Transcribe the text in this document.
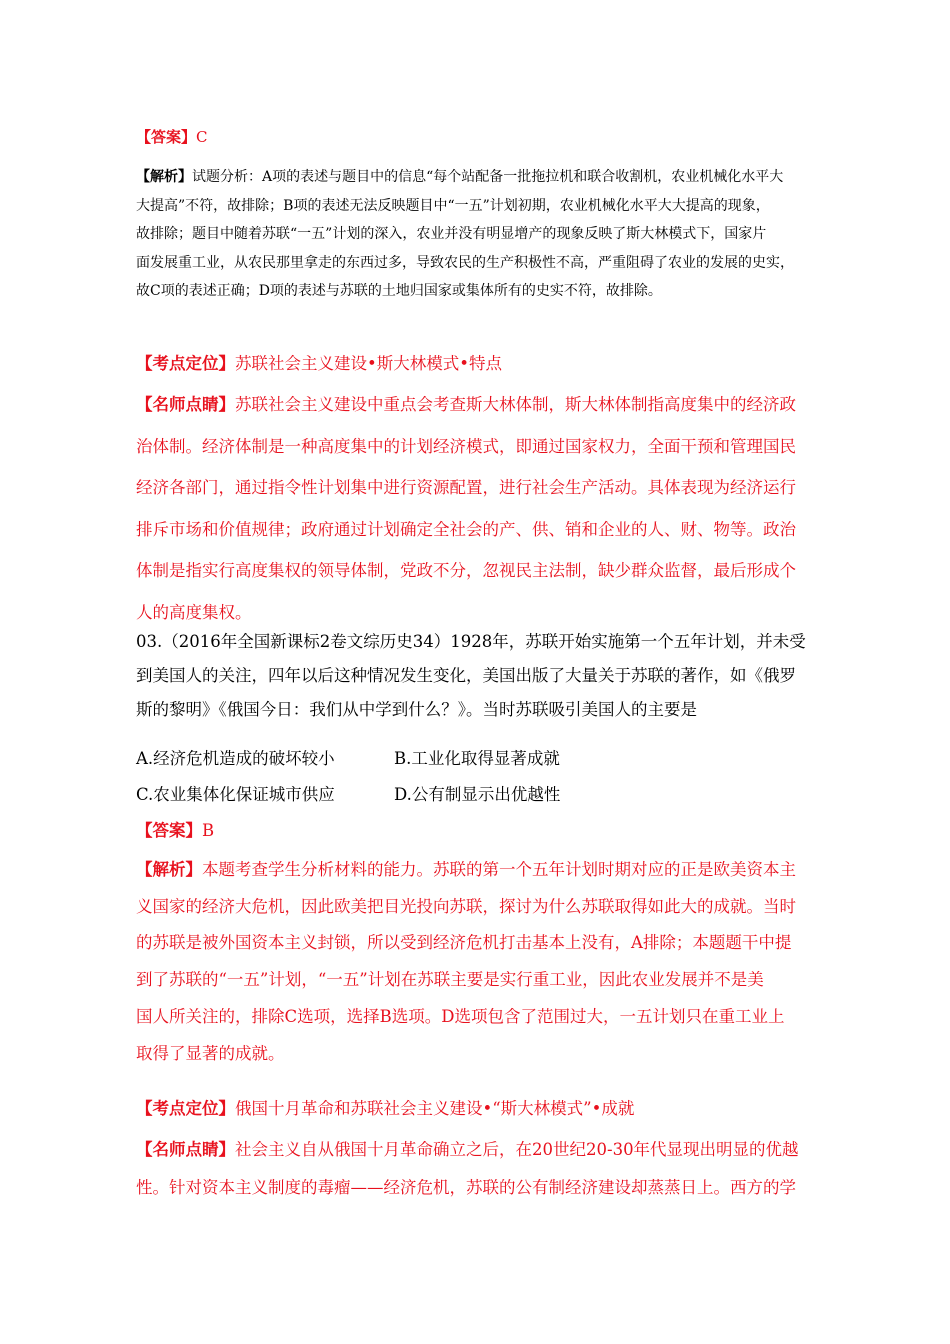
【答案】C

【解析】试题分析：A项的表述与题目中的信息“每个站配备一批拖拉机和联合收割机，农业机械化水平大
大提高”不符，故排除；B项的表述无法反映题目中“一五”计划初期，农业机械化水平大大提高的现象，
故排除；题目中随着苏联“一五”计划的深入，农业并没有明显增产的现象反映了斯大林模式下，国家片
面发展重工业，从农民那里拿走的东西过多，导致农民的生产积极性不高，严重阻碍了农业的发展的史实，
故C项的表述正确；D项的表述与苏联的土地归国家或集体所有的史实不符，故排除。

【考点定位】苏联社会主义建设•斯大林模式•特点

【名师点睛】苏联社会主义建设中重点会考查斯大林体制，斯大林体制指高度集中的经济政
治体制。经济体制是一种高度集中的计划经济模式，即通过国家权力，全面干预和管理国民
经济各部门，通过指令性计划集中进行资源配置，进行社会生产活动。具体表现为经济运行
排斥市场和价值规律；政府通过计划确定全社会的产、供、销和企业的人、财、物等。政治
体制是指实行高度集权的领导体制，党政不分，忽视民主法制，缺少群众监督，最后形成个
人的高度集权。
03.（2016年全国新课标2卷文综历史34）1928年，苏联开始实施第一个五年计划，并未受
到美国人的关注，四年以后这种情况发生变化，美国出版了大量关于苏联的著作，如《俄罗
斯的黎明》《俄国今日：我们从中学到什么？》。当时苏联吸引美国人的主要是
A.经济危机造成的破坏较小	B.工业化取得显著成就
C.农业集体化保证城市供应	D.公有制显示出优越性

【答案】B

【解析】本题考查学生分析材料的能力。苏联的第一个五年计划时期对应的正是欧美资本主
义国家的经济大危机，因此欧美把目光投向苏联，探讨为什么苏联取得如此大的成就。当时
的苏联是被外国资本主义封锁，所以受到经济危机打击基本上没有，A排除；本题题干中提
到了苏联的“一五”计划，“一五”计划在苏联主要是实行重工业，因此农业发展并不是美
国人所关注的，排除C选项，选择B选项。D选项包含了范围过大，一五计划只在重工业上
取得了显著的成就。

【考点定位】俄国十月革命和苏联社会主义建设•“斯大林模式”•成就

【名师点睛】社会主义自从俄国十月革命确立之后，在20世纪20-30年代显现出明显的优越
性。针对资本主义制度的毒瘤——经济危机，苏联的公有制经济建设却蒸蒸日上。西方的学
